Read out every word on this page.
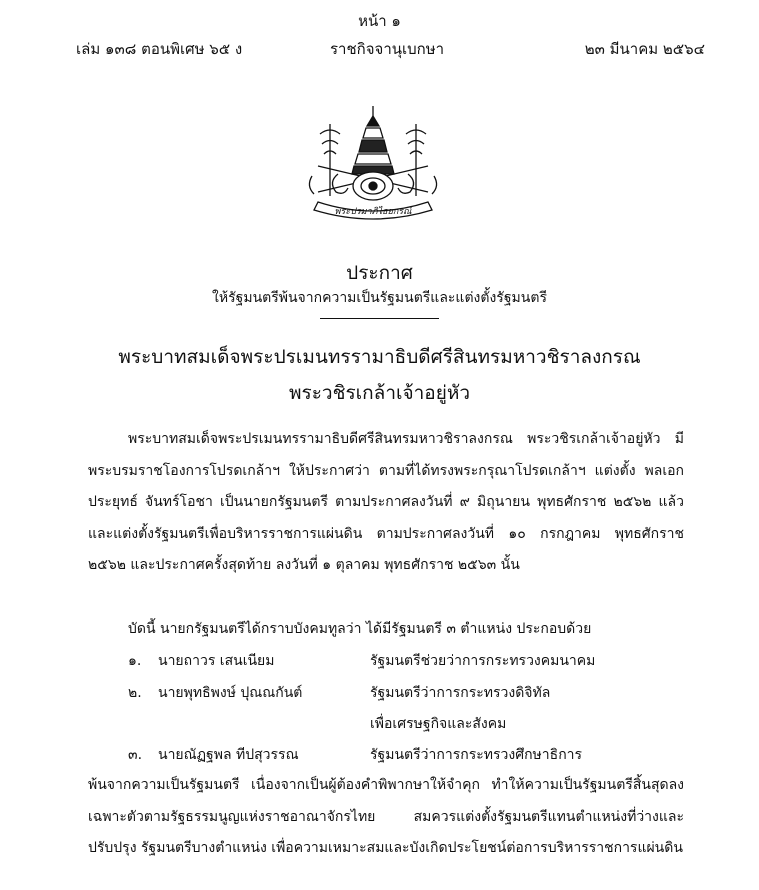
หน้า ๑
เล่ม ๑๓๘ ตอนพิเศษ ๖๕ ง	ราชกิจจานุเบกษา	๒๓ มีนาคม ๒๕๖๔
พระปรมาภิไธยกรณ์
ประกาศ
ให้รัฐมนตรีพ้นจากความเป็นรัฐมนตรีและแต่งตั้งรัฐมนตรี
พระบาทสมเด็จพระปรเมนทรรามาธิบดีศรีสินทรมหาวชิราลงกรณ
พระวชิรเกล้าเจ้าอยู่หัว
พระบาทสมเด็จพระปรเมนทรรามาธิบดีศรีสินทรมหาวชิราลงกรณ พระวชิรเกล้าเจ้าอยู่หัว มีพระบรมราชโองการโปรดเกล้าฯ ให้ประกาศว่า ตามที่ได้ทรงพระกรุณาโปรดเกล้าฯ แต่งตั้ง พลเอก ประยุทธ์ จันทร์โอชา เป็นนายกรัฐมนตรี ตามประกาศลงวันที่ ๙ มิถุนายน พุทธศักราช ๒๕๖๒ แล้ว และแต่งตั้งรัฐมนตรีเพื่อบริหารราชการแผ่นดิน ตามประกาศลงวันที่ ๑๐ กรกฎาคม พุทธศักราช ๒๕๖๒ และประกาศครั้งสุดท้าย ลงวันที่ ๑ ตุลาคม พุทธศักราช ๒๕๖๓ นั้น
บัดนี้ นายกรัฐมนตรีได้กราบบังคมทูลว่า ได้มีรัฐมนตรี ๓ ตำแหน่ง ประกอบด้วย
๑. นายถาวร เสนเนียม	รัฐมนตรีช่วยว่าการกระทรวงคมนาคม
๒. นายพุทธิพงษ์ ปุณณกันต์	รัฐมนตรีว่าการกระทรวงดิจิทัล
เพื่อเศรษฐกิจและสังคม
๓. นายณัฏฐพล ทีปสุวรรณ	รัฐมนตรีว่าการกระทรวงศึกษาธิการ
พ้นจากความเป็นรัฐมนตรี เนื่องจากเป็นผู้ต้องคำพิพากษาให้จำคุก ทำให้ความเป็นรัฐมนตรีสิ้นสุดลง เฉพาะตัวตามรัฐธรรมนูญแห่งราชอาณาจักรไทย สมควรแต่งตั้งรัฐมนตรีแทนตำแหน่งที่ว่างและปรับปรุง รัฐมนตรีบางตำแหน่ง เพื่อความเหมาะสมและบังเกิดประโยชน์ต่อการบริหารราชการแผ่นดิน
